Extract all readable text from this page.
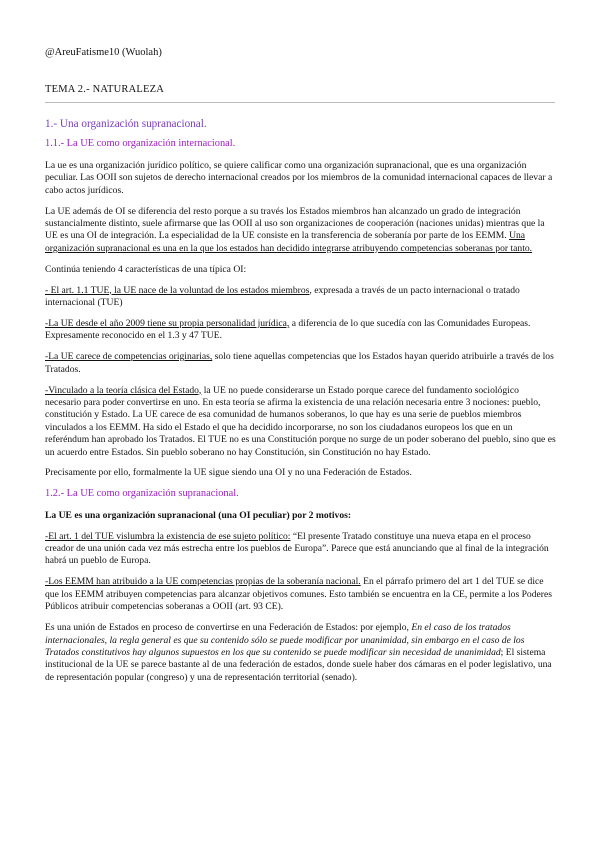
@AreuFatisme10 (Wuolah)
TEMA 2.- NATURALEZA
1.- Una organización supranacional.
1.1.- La UE como organización internacional.

La ue es una organización jurídico político, se quiere calificar como una organización supranacional, que es una organización peculiar. Las OOII son sujetos de derecho internacional creados por los miembros de la comunidad internacional capaces de llevar a cabo actos jurídicos.

La UE además de OI se diferencia del resto porque a su través los Estados miembros han alcanzado un grado de integración sustancialmente distinto, suele afirmarse que las OOII al uso son organizaciones de cooperación (naciones unidas) mientras que la UE es una OI de integración. La especialidad de la UE consiste en la transferencia de soberanía por parte de los EEMM. Una organización supranacional es una en la que los estados han decidido integrarse atribuyendo competencias soberanas por tanto.

Continúa teniendo 4 características de una típica OI:

- El art. 1.1 TUE, la UE nace de la voluntad de los estados miembros, expresada a través de un pacto internacional o tratado internacional (TUE)

-La UE desde el año 2009 tiene su propia personalidad jurídica, a diferencia de lo que sucedía con las Comunidades Europeas. Expresamente reconocido en el 1.3 y 47 TUE.

-La UE carece de competencias originarias, solo tiene aquellas competencias que los Estados hayan querido atribuirle a través de los Tratados.

-Vinculado a la teoría clásica del Estado, la UE no puede considerarse un Estado porque carece del fundamento sociológico necesario para poder convertirse en uno. En esta teoría se afirma la existencia de una relación necesaria entre 3 nociones: pueblo, constitución y Estado. La UE carece de esa comunidad de humanos soberanos, lo que hay es una serie de pueblos miembros vinculados a los EEMM. Ha sido el Estado el que ha decidido incorporarse, no son los ciudadanos europeos los que en un referéndum han aprobado los Tratados. El TUE no es una Constitución porque no surge de un poder soberano del pueblo, sino que es un acuerdo entre Estados. Sin pueblo soberano no hay Constitución, sin Constitución no hay Estado.

Precisamente por ello, formalmente la UE sigue siendo una OI y no una Federación de Estados.

1.2.- La UE como organización supranacional.

La UE es una organización supranacional (una OI peculiar) por 2 motivos:

-El art. 1 del TUE vislumbra la existencia de ese sujeto político: “El presente Tratado constituye una nueva etapa en el proceso creador de una unión cada vez más estrecha entre los pueblos de Europa”. Parece que está anunciando que al final de la integración habrá un pueblo de Europa.

-Los EEMM han atribuido a la UE competencias propias de la soberanía nacional. En el párrafo primero del art 1 del TUE se dice que los EEMM atribuyen competencias para alcanzar objetivos comunes. Esto también se encuentra en la CE, permite a los Poderes Públicos atribuir competencias soberanas a OOII (art. 93 CE).

Es una unión de Estados en proceso de convertirse en una Federación de Estados: por ejemplo, En el caso de los tratados internacionales, la regla general es que su contenido sólo se puede modificar por unanimidad, sin embargo en el caso de los Tratados constitutivos hay algunos supuestos en los que su contenido se puede modificar sin necesidad de unanimidad; El sistema institucional de la UE se parece bastante al de una federación de estados, donde suele haber dos cámaras en el poder legislativo, una de representación popular (congreso) y una de representación territorial (senado).
